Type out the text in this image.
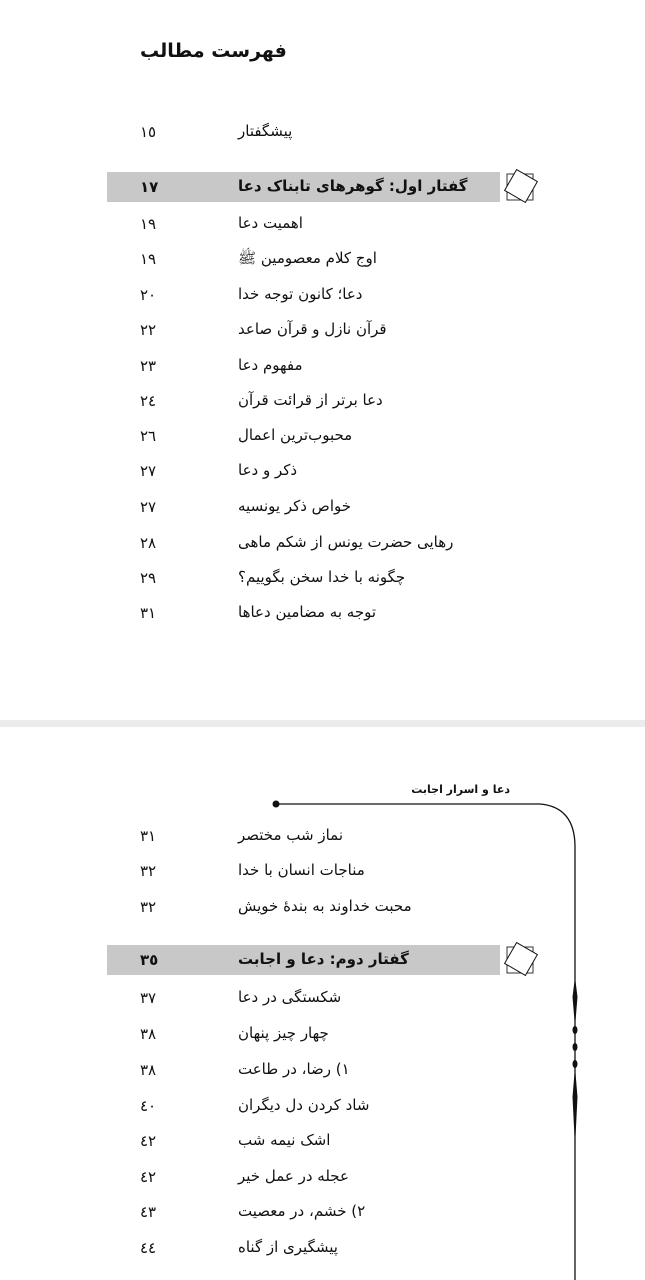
فهرست مطالب
١٥	پیشگفتار
١٧	گفتار اول: گوهرهای تابناک دعا
١٩	اهمیت دعا
١٩	اوج کلام معصومین ﷺ
٢٠	دعا؛ کانون توجه خدا
٢٢	قرآن نازل و قرآن صاعد
٢٣	مفهوم دعا
٢٤	دعا برتر از قرائت قرآن
٢٦	محبوب‌ترین اعمال
٢٧	ذکر و دعا
٢٧	خواص ذکر یونسیه
٢٨	رهایی حضرت یونس از شکم ماهی
٢٩	چگونه با خدا سخن بگوییم؟
٣١	توجه به مضامین دعاها
دعا و اسرار اجابت
٣١	نماز شب مختصر
٣٢	مناجات انسان با خدا
٣٢	محبت خداوند به بندهٔ خویش
٣٥	گفتار دوم: دعا و اجابت
٣٧	شکستگی در دعا
٣٨	چهار چیز پنهان
٣٨	١) رضا، در طاعت
٤٠	شاد کردن دل دیگران
٤٢	اشک نیمه شب
٤٢	عجله در عمل خیر
٤٣	٢) خشم، در معصیت
٤٤	پیشگیری از گناه
